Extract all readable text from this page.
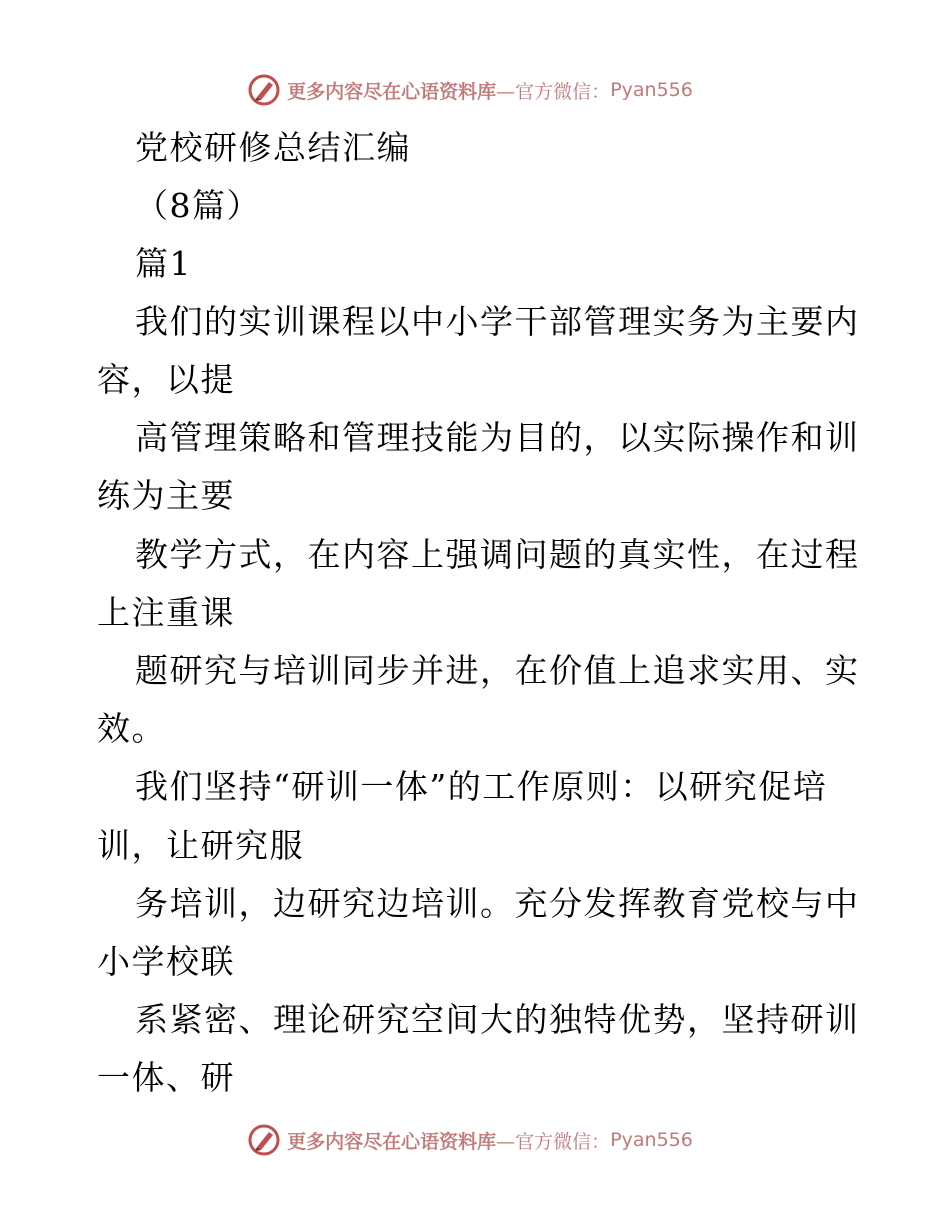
更多内容尽在心语资料库 —官方微信： Pyan556
党校研修总结汇编
（8篇）
篇1
我们的实训课程以中小学干部管理实务为主要内
容，以提
高管理策略和管理技能为目的，以实际操作和训
练为主要
教学方式，在内容上强调问题的真实性，在过程
上注重课
题研究与培训同步并进，在价值上追求实用、实
效。
我们坚持“研训一体”的工作原则：以研究促培
训，让研究服
务培训，边研究边培训。充分发挥教育党校与中
小学校联
系紧密、理论研究空间大的独特优势，坚持研训
一体、研
更多内容尽在心语资料库 —官方微信： Pyan556
